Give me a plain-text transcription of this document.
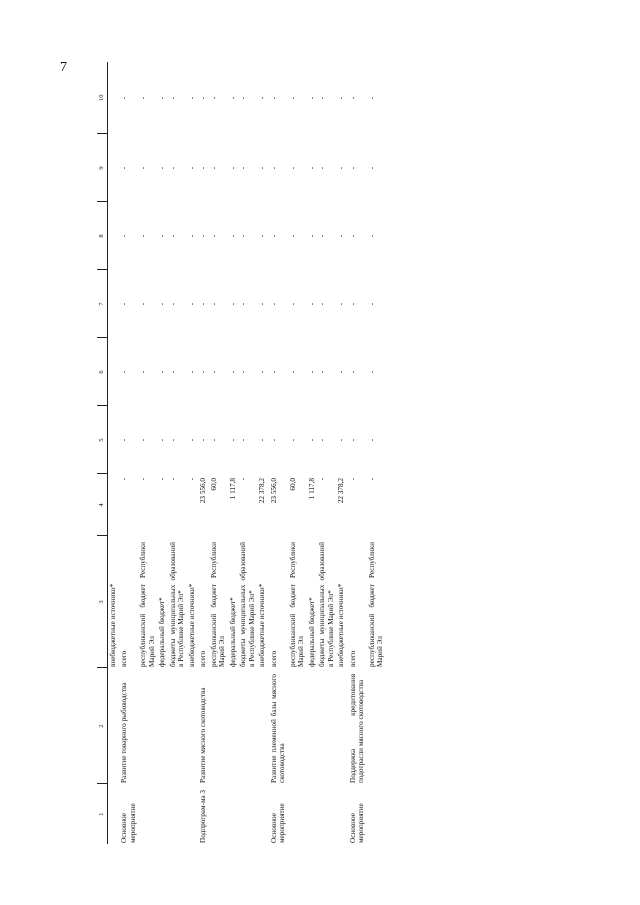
7
1	2	3	4	5	6	7	8	9	10
		внебюджетные источники*							
Основное мероприятие	Развитие товарного рыбоводства	всего	-	-	-	-	-	-	-
		республиканский бюджет Республики Марий Эл	-	-	-	-	-	-	-
		федеральный бюджет*	-	-	-	-	-	-	-
		бюджеты муниципальных образований в Республике Марий Эл*	-	-	-	-	-	-	-
		внебюджетные источники*	-	-	-	-	-	-	-
Подпрограм-ма 3	Развитие мясного скотоводства	всего	23 556,0	-	-	-	-	-	-
		республиканский бюджет Республики Марий Эл	60,0	-	-	-	-	-	-
		федеральный бюджет*	1 117,8	-	-	-	-	-	-
		бюджеты муниципальных образований в Республике Марий Эл*	-	-	-	-	-	-	-
		внебюджетные источники*	22 378,2	-	-	-	-	-	-
Основное мероприятие	Развитие племенной базы мясного скотоводства	всего	23 556,0	-	-	-	-	-	-
		республиканский бюджет Республики Марий Эл	60,0	-	-	-	-	-	-
		федеральный бюджет*	1 117,8	-	-	-	-	-	-
		бюджеты муниципальных образований в Республике Марий Эл*	-	-	-	-	-	-	-
		внебюджетные источники*	22 378,2	-	-	-	-	-	-
Основное мероприятие	Поддержка кредитования подотрасли мясного скотоводства	всего	-	-	-	-	-	-	-
		республиканский бюджет Республики Марий Эл	-	-	-	-	-	-	-
